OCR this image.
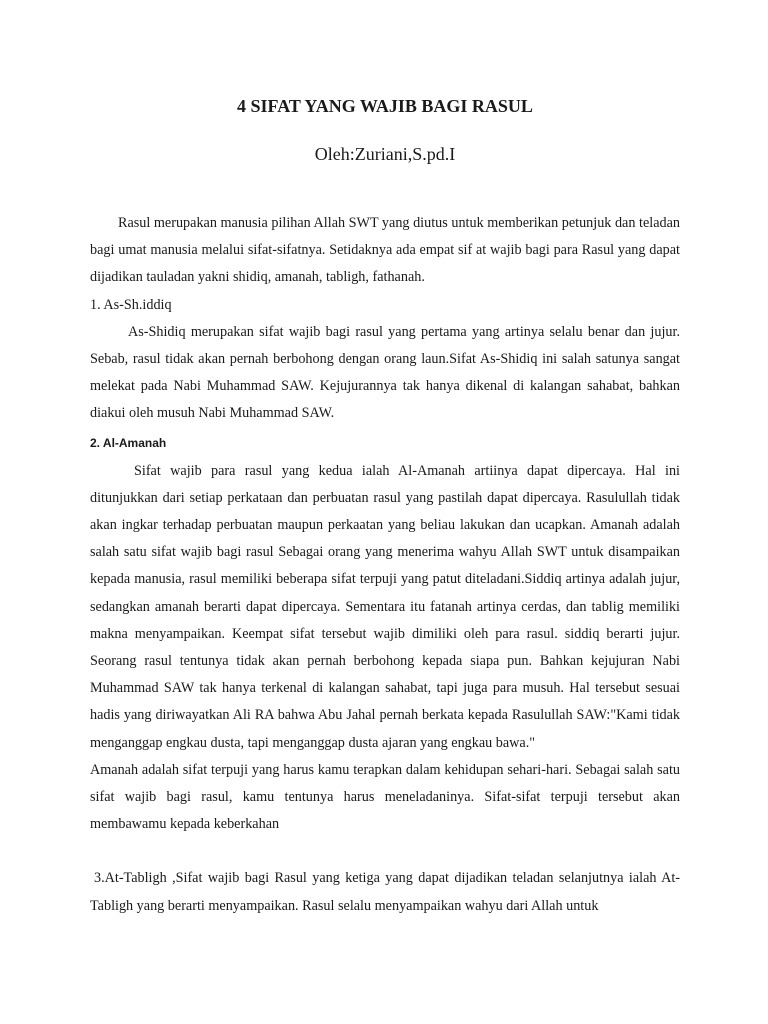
4 SIFAT YANG WAJIB BAGI RASUL
Oleh:Zuriani,S.pd.I

Rasul merupakan manusia pilihan Allah SWT yang diutus untuk memberikan petunjuk dan teladan bagi umat manusia melalui sifat-sifatnya. Setidaknya ada empat sif at wajib bagi para Rasul yang dapat dijadikan tauladan yakni shidiq, amanah, tabligh, fathanah.

1. As-Sh.iddiq

As-Shidiq merupakan sifat wajib bagi rasul yang pertama yang artinya selalu benar dan jujur. Sebab, rasul tidak akan pernah berbohong dengan orang laun.Sifat As-Shidiq ini salah satunya sangat melekat pada Nabi Muhammad SAW. Kejujurannya tak hanya dikenal di kalangan sahabat, bahkan diakui oleh musuh Nabi Muhammad SAW.

2. Al-Amanah

Sifat wajib para rasul yang kedua ialah Al-Amanah artiinya dapat dipercaya. Hal ini ditunjukkan dari setiap perkataan dan perbuatan rasul yang pastilah dapat dipercaya. Rasulullah tidak akan ingkar terhadap perbuatan maupun perkaatan yang beliau lakukan dan ucapkan. Amanah adalah salah satu sifat wajib bagi rasul Sebagai orang yang menerima wahyu Allah SWT untuk disampaikan kepada manusia, rasul memiliki beberapa sifat terpuji yang patut diteladani.Siddiq artinya adalah jujur, sedangkan amanah berarti dapat dipercaya. Sementara itu fatanah artinya cerdas, dan tablig memiliki makna menyampaikan. Keempat sifat tersebut wajib dimiliki oleh para rasul. siddiq berarti jujur. Seorang rasul tentunya tidak akan pernah berbohong kepada siapa pun. Bahkan kejujuran Nabi Muhammad SAW tak hanya terkenal di kalangan sahabat, tapi juga para musuh. Hal tersebut sesuai hadis yang diriwayatkan Ali RA bahwa Abu Jahal pernah berkata kepada Rasulullah SAW:"Kami tidak menganggap engkau dusta, tapi menganggap dusta ajaran yang engkau bawa."

Amanah adalah sifat terpuji yang harus kamu terapkan dalam kehidupan sehari-hari. Sebagai salah satu sifat wajib bagi rasul, kamu tentunya harus meneladaninya. Sifat-sifat terpuji tersebut akan membawamu kepada keberkahan

3.At-Tabligh ,Sifat wajib bagi Rasul yang ketiga yang dapat dijadikan teladan selanjutnya ialah At-Tabligh yang berarti menyampaikan. Rasul selalu menyampaikan wahyu dari Allah untuk
